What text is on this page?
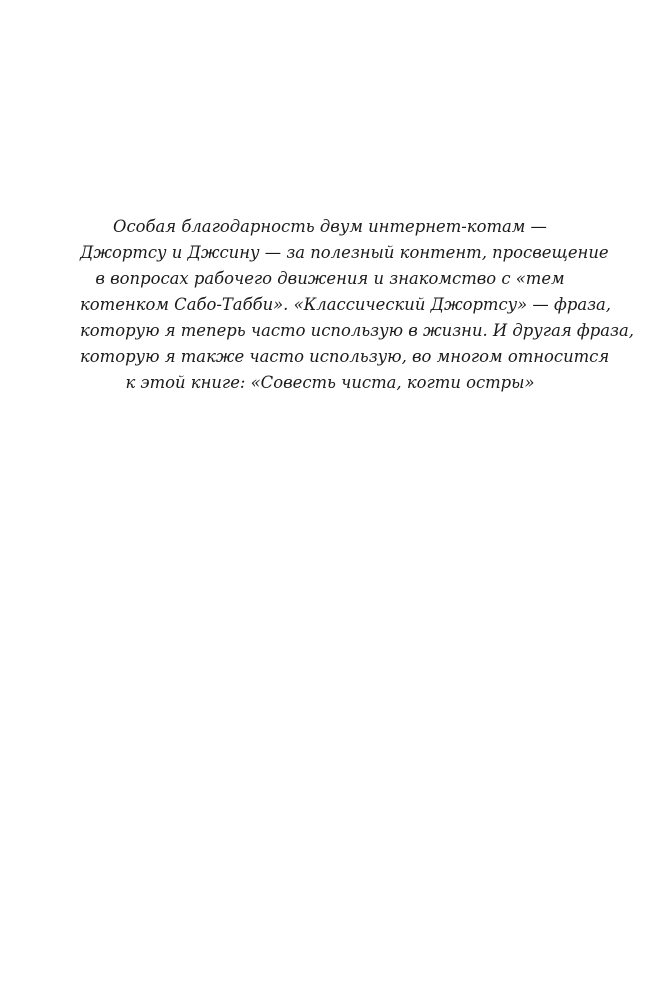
Особая благодарность двум интернет-котам —
Джортсу и Джсину — за полезный контент, просвещение
в вопросах рабочего движения и знакомство с «тем
котенком Сабо-Табби». «Классический Джортсу» — фраза,
которую я теперь часто использую в жизни. И другая фраза,
которую я также часто использую, во многом относится
к этой книге: «Совесть чиста, когти остры»
